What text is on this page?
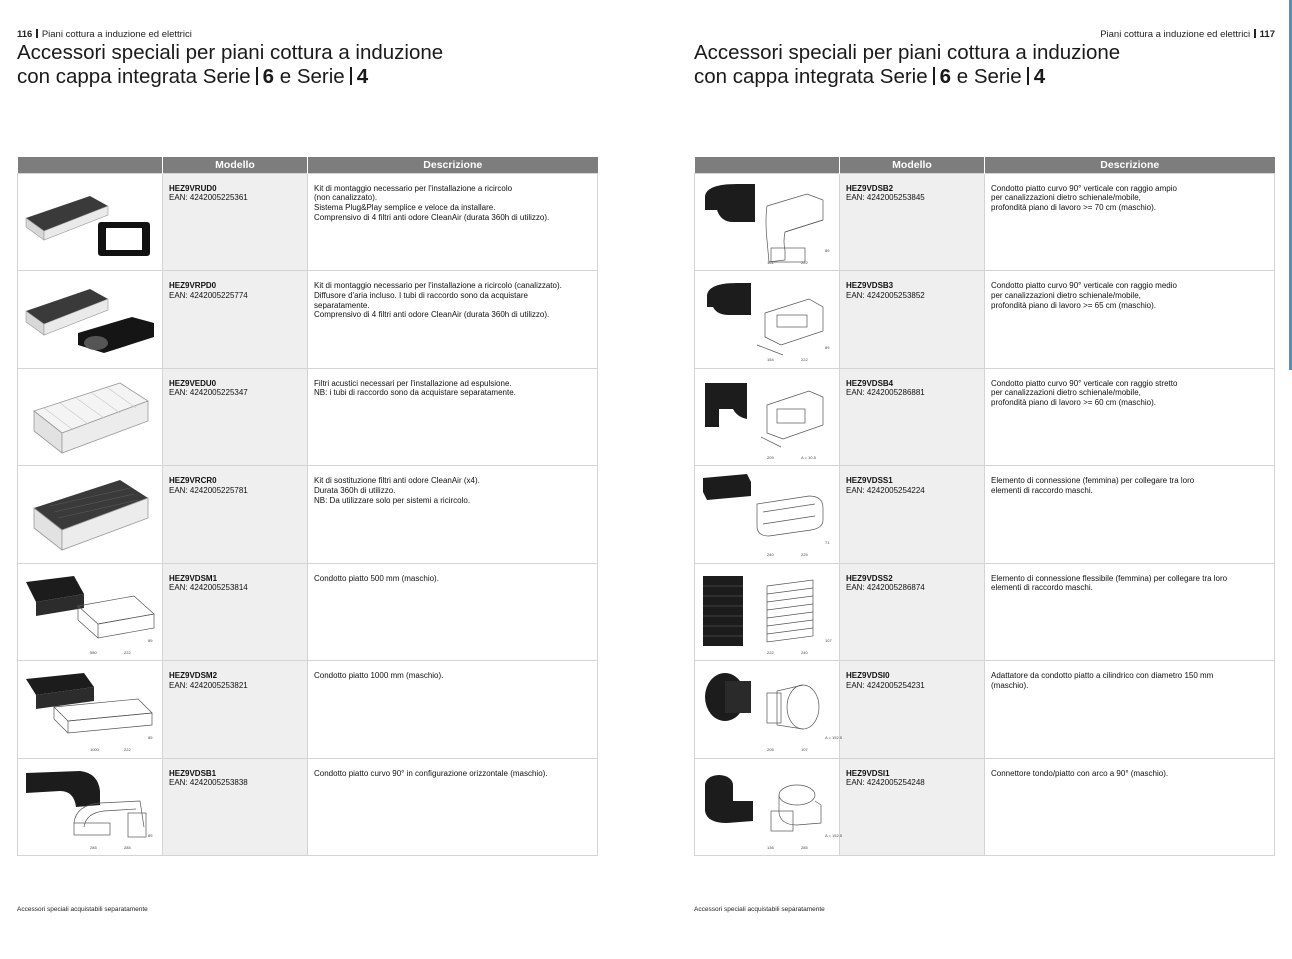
116 Piani cottura a induzione ed elettrici
Accessori speciali per piani cottura a induzione
con cappa integrata Serie 6 e Serie 4
	Modello	Descrizione

HEZ9VRUD0
EAN: 4242005225361	Kit di montaggio necessario per l'installazione a ricircolo
(non canalizzato).
Sistema Plug&Play semplice e veloce da installare.
Comprensivo di 4 filtri anti odore CleanAir (durata 360h di utilizzo).

HEZ9VRPD0
EAN: 4242005225774	Kit di montaggio necessario per l'installazione a ricircolo (canalizzato).
Diffusore d'aria incluso. I tubi di raccordo sono da acquistare
separatamente.
Comprensivo di 4 filtri anti odore CleanAir (durata 360h di utilizzo).

HEZ9VEDU0
EAN: 4242005225347	Filtri acustici necessari per l'installazione ad espulsione.
NB: i tubi di raccordo sono da acquistare separatamente.

HEZ9VRCR0
EAN: 4242005225781	Kit di sostituzione filtri anti odore CleanAir (x4).
Durata 360h di utilizzo.
NB: Da utilizzare solo per sistemi a ricircolo.

580 222
89	HEZ9VDSM1
EAN: 4242005253814	Condotto piatto 500 mm (maschio).

1000 222
89	HEZ9VDSM2
EAN: 4242005253821	Condotto piatto 1000 mm (maschio).

285 285
89	HEZ9VDSB1
EAN: 4242005253838	Condotto piatto curvo 90° in configurazione orizzontale (maschio).
Accessori speciali acquistabili separatamente
Piani cottura a induzione ed elettrici 117
Accessori speciali per piani cottura a induzione
con cappa integrata Serie 6 e Serie 4
	Modello	Descrizione

161 222
89	HEZ9VDSB2
EAN: 4242005253845	Condotto piatto curvo 90° verticale con raggio ampio
per canalizzazioni dietro schienale/mobile,
profondità piano di lavoro >= 70 cm (maschio).

154 222
89	HEZ9VDSB3
EAN: 4242005253852	Condotto piatto curvo 90° verticale con raggio medio
per canalizzazioni dietro schienale/mobile,
profondità piano di lavoro >= 65 cm (maschio).

209 A = 10.5	HEZ9VDSB4
EAN: 4242005286881	Condotto piatto curvo 90° verticale con raggio stretto
per canalizzazioni dietro schienale/mobile,
profondità piano di lavoro >= 60 cm (maschio).

240 225
71	HEZ9VDSS1
EAN: 4242005254224	Elemento di connessione (femmina) per collegare tra loro
elementi di raccordo maschi.

222 240
107	HEZ9VDSS2
EAN: 4242005286874	Elemento di connessione flessibile (femmina) per collegare tra loro
elementi di raccordo maschi.

205 107
A = 152.5	HEZ9VDSI0
EAN: 4242005254231	Adattatore da condotto piatto a cilindrico con diametro 150 mm
(maschio).

136 285
A = 152.5	HEZ9VDSI1
EAN: 4242005254248	Connettore tondo/piatto con arco a 90° (maschio).
Accessori speciali acquistabili separatamente
